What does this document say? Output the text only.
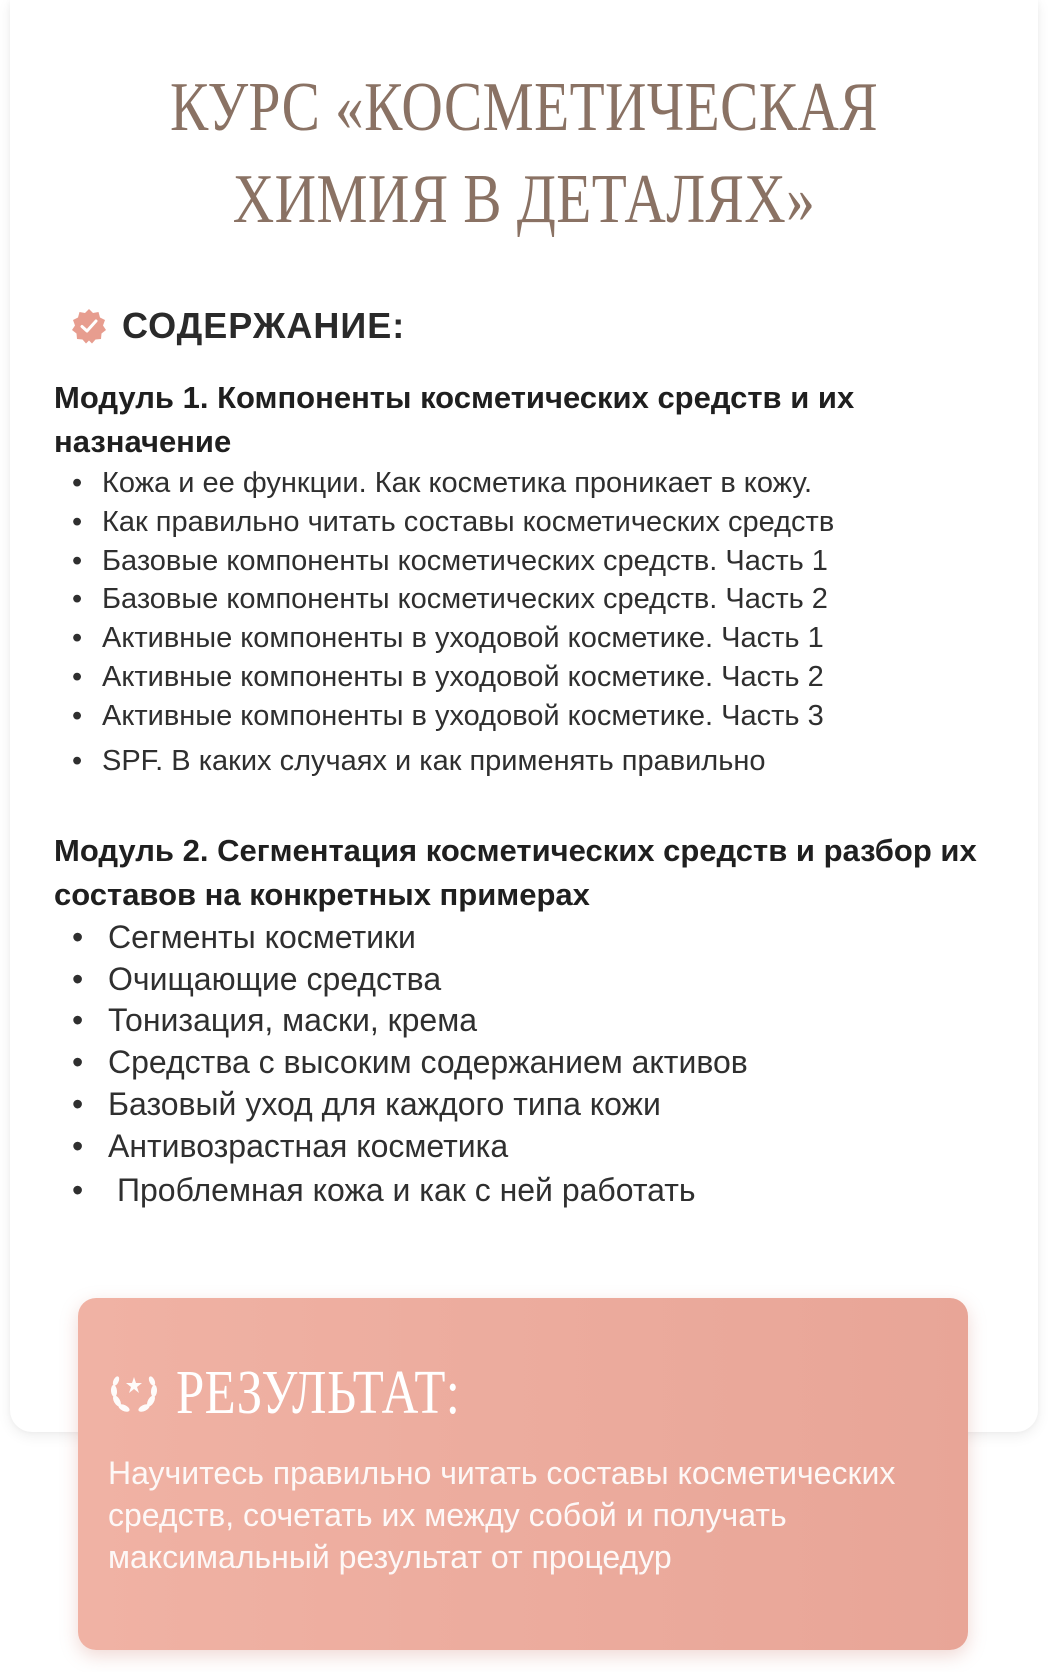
КУРС «КОСМЕТИЧЕСКАЯ
ХИМИЯ В ДЕТАЛЯХ»
СОДЕРЖАНИЕ:
Модуль 1. Компоненты косметических средств и их назначение
• Кожа и ее функции. Как косметика проникает в кожу.
• Как правильно читать составы косметических средств
• Базовые компоненты косметических средств. Часть 1
• Базовые компоненты косметических средств. Часть 2
• Активные компоненты в уходовой косметике. Часть 1
• Активные компоненты в уходовой косметике. Часть 2
• Активные компоненты в уходовой косметике. Часть 3
• SPF. В каких случаях и как применять правильно
Модуль 2. Сегментация косметических средств и разбор их составов на конкретных примерах
• Сегменты косметики
• Очищающие средства
• Тонизация, маски, крема
• Средства с высоким содержанием активов
• Базовый уход для каждого типа кожи
• Антивозрастная косметика
• Проблемная кожа и как с ней работать
РЕЗУЛЬТАТ:

Научитесь правильно читать составы косметических средств, сочетать их между собой и получать максимальный результат от процедур
